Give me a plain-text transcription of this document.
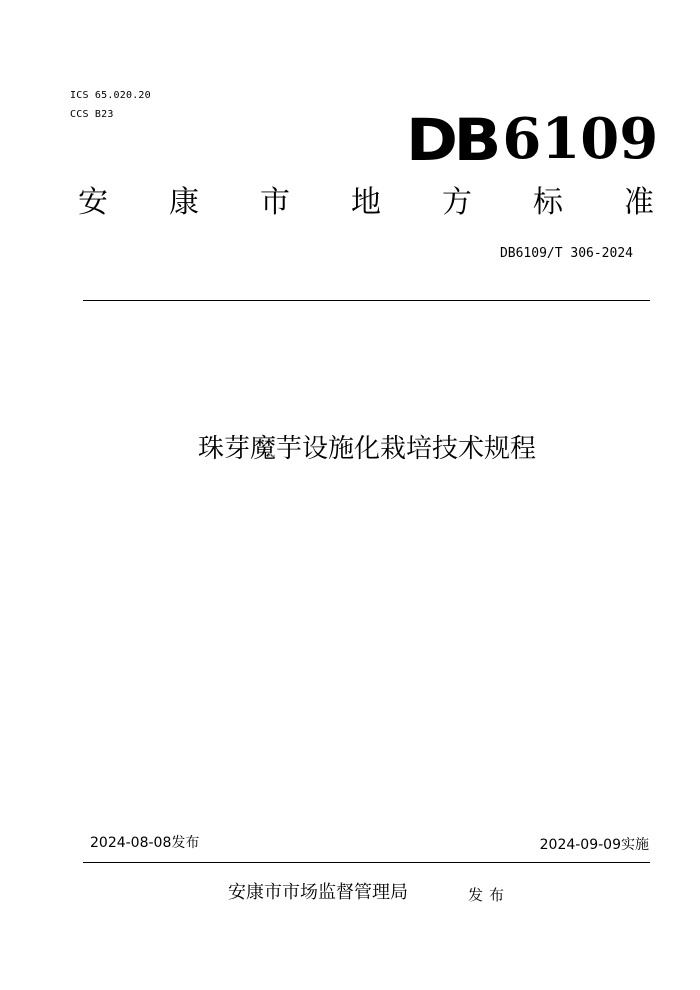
ICS 65.020.20
CCS B23	DB 6109
安 康 市 地 方 标 准
DB6109/T 306-2024
珠芽魔芋设施化栽培技术规程
2024-08-08发布	2024-09-09实施
安康市市场监督管理局	发布
